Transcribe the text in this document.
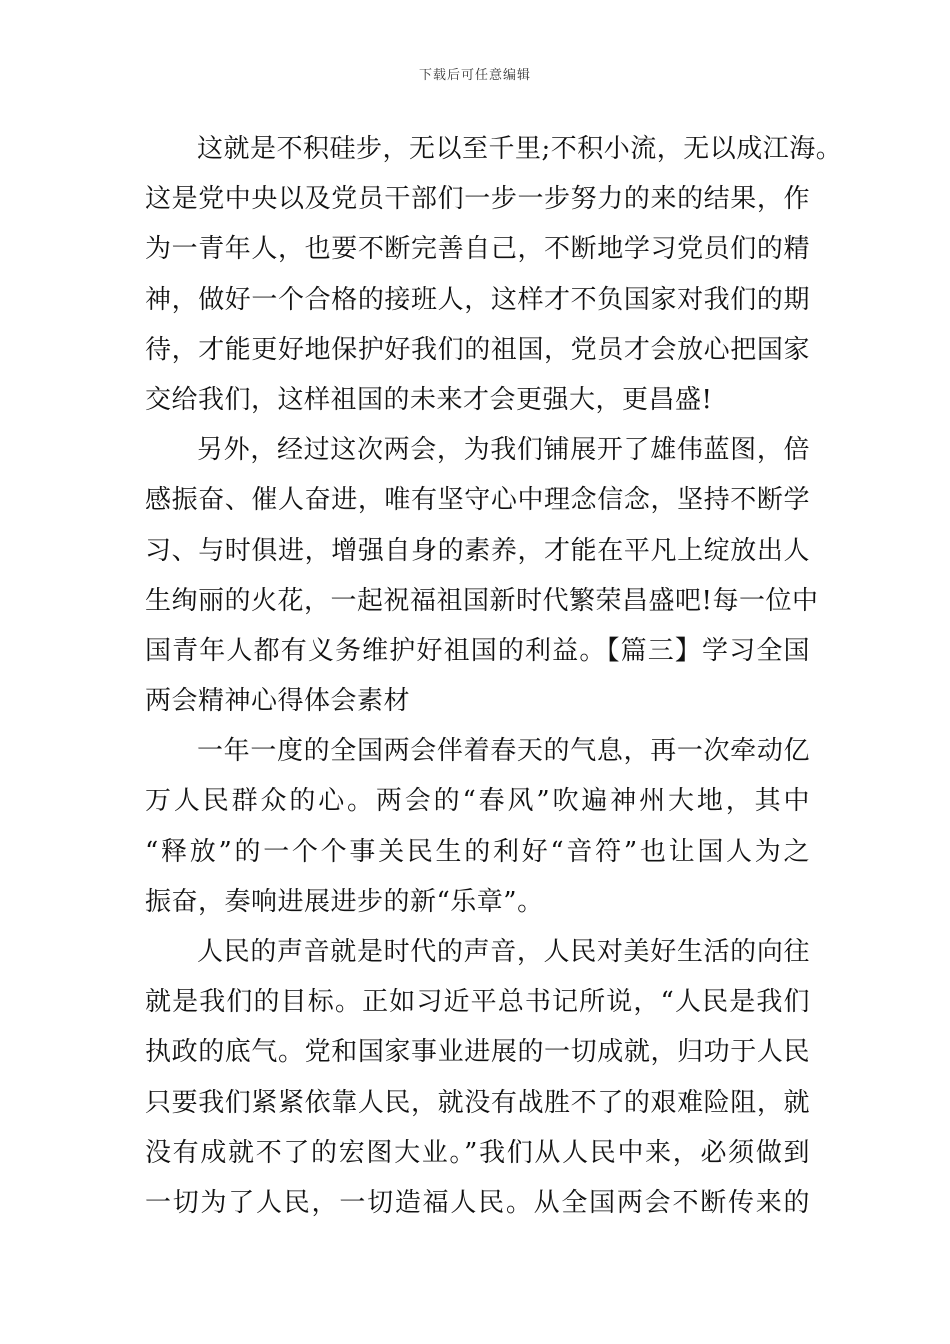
下载后可任意编辑
这就是不积硅步，无以至千里;不积小流，无以成江海。
这是党中央以及党员干部们一步一步努力的来的结果，作
为一青年人，也要不断完善自己，不断地学习党员们的精
神，做好一个合格的接班人，这样才不负国家对我们的期
待，才能更好地保护好我们的祖国，党员才会放心把国家
交给我们，这样祖国的未来才会更强大，更昌盛!
另外，经过这次两会，为我们铺展开了雄伟蓝图，倍
感振奋、催人奋进，唯有坚守心中理念信念，坚持不断学
习、与时俱进，增强自身的素养，才能在平凡上绽放出人
生绚丽的火花，一起祝福祖国新时代繁荣昌盛吧!每一位中
国青年人都有义务维护好祖国的利益。【篇三】学习全国
两会精神心得体会素材
一年一度的全国两会伴着春天的气息，再一次牵动亿
万人民群众的心。两会的“春风”吹遍神州大地，其中
“释放”的一个个事关民生的利好“音符”也让国人为之
振奋，奏响进展进步的新“乐章”。
人民的声音就是时代的声音，人民对美好生活的向往
就是我们的目标。正如习近平总书记所说，“人民是我们
执政的底气。党和国家事业进展的一切成就，归功于人民
只要我们紧紧依靠人民，就没有战胜不了的艰难险阻，就
没有成就不了的宏图大业。”我们从人民中来，必须做到
一切为了人民，一切造福人民。从全国两会不断传来的
